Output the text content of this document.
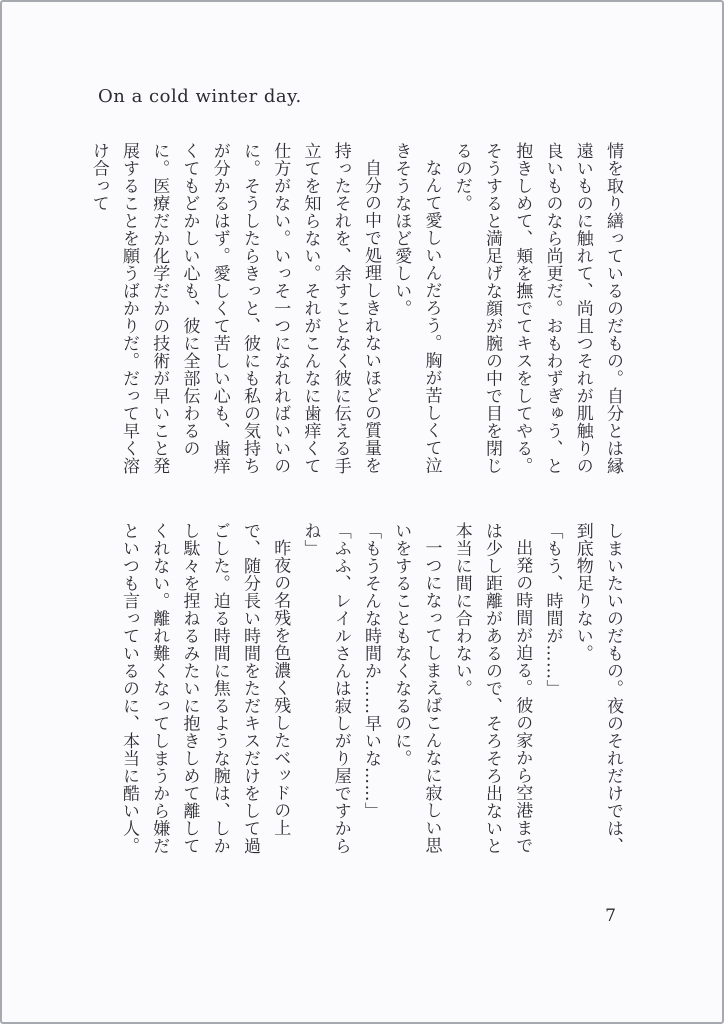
On a cold winter day.

情を取り繕っているのだもの。自分とは縁遠いものに触れて、尚且つそれが肌触りの良いものなら尚更だ。おもわずぎゅう、と抱きしめて、頬を撫でてキスをしてやる。そうすると満足げな顔が腕の中で目を閉じるのだ。

なんて愛しいんだろう。胸が苦しくて泣きそうなほど愛しい。

自分の中で処理しきれないほどの質量を持ったそれを、余すことなく彼に伝える手立てを知らない。それがこんなに歯痒くて仕方がない。いっそ一つになれればいいのに。そうしたらきっと、彼にも私の気持ちが分かるはず。愛しくて苦しい心も、歯痒くてもどかしい心も、彼に全部伝わるのに。医療だか化学だかの技術が早いこと発展することを願うばかりだ。だって早く溶け合って

しまいたいのだもの。夜のそれだけでは、到底物足りない。

「もう、時間が……」

出発の時間が迫る。彼の家から空港までは少し距離があるので、そろそろ出ないと本当に間に合わない。

一つになってしまえばこんなに寂しい思いをすることもなくなるのに。

「もうそんな時間か……早いな……」

「ふふ、レイルさんは寂しがり屋ですからね」

昨夜の名残を色濃く残したベッドの上で、随分長い時間をただキスだけをして過ごした。迫る時間に焦るような腕は、しかし駄々を捏ねるみたいに抱きしめて離してくれない。離れ難くなってしまうから嫌だといつも言っているのに、本当に酷い人。

7
